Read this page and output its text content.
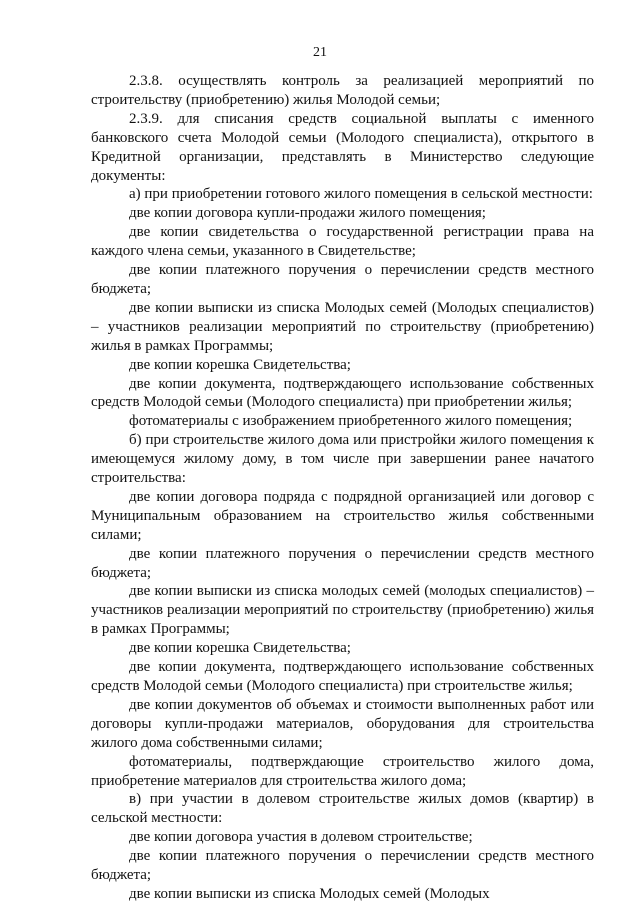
21

2.3.8. осуществлять контроль за реализацией мероприятий по строительству (приобретению) жилья Молодой семьи;

2.3.9. для списания средств социальной выплаты с именного банковского счета Молодой семьи (Молодого специалиста), открытого в Кредитной организации, представлять в Министерство следующие документы:

а) при приобретении готового жилого помещения в сельской местности:

две копии договора купли-продажи жилого помещения;

две копии свидетельства о государственной регистрации права на каждого члена семьи, указанного в Свидетельстве;

две копии платежного поручения о перечислении средств местного бюджета;

две копии выписки из списка Молодых семей (Молодых специалистов) – участников реализации мероприятий по строительству (приобретению) жилья в рамках Программы;

две копии корешка Свидетельства;

две копии документа, подтверждающего использование собственных средств Молодой семьи (Молодого специалиста) при приобретении жилья;

фотоматериалы с изображением приобретенного жилого помещения;

б) при строительстве жилого дома или пристройки жилого помещения к имеющемуся жилому дому, в том числе при завершении ранее начатого строительства:

две копии договора подряда с подрядной организацией или договор с Муниципальным образованием на строительство жилья собственными силами;

две копии платежного поручения о перечислении средств местного бюджета;

две копии выписки из списка молодых семей (молодых специалистов) – участников реализации мероприятий по строительству (приобретению) жилья в рамках Программы;

две копии корешка Свидетельства;

две копии документа, подтверждающего использование собственных средств Молодой семьи (Молодого специалиста) при строительстве жилья;

две копии документов об объемах и стоимости выполненных работ или договоры купли-продажи материалов, оборудования для строительства жилого дома собственными силами;

фотоматериалы, подтверждающие строительство жилого дома, приобретение материалов для строительства жилого дома;

в) при участии в долевом строительстве жилых домов (квартир) в сельской местности:

две копии договора участия в долевом строительстве;

две копии платежного поручения о перечислении средств местного бюджета;

две копии выписки из списка Молодых семей (Молодых
